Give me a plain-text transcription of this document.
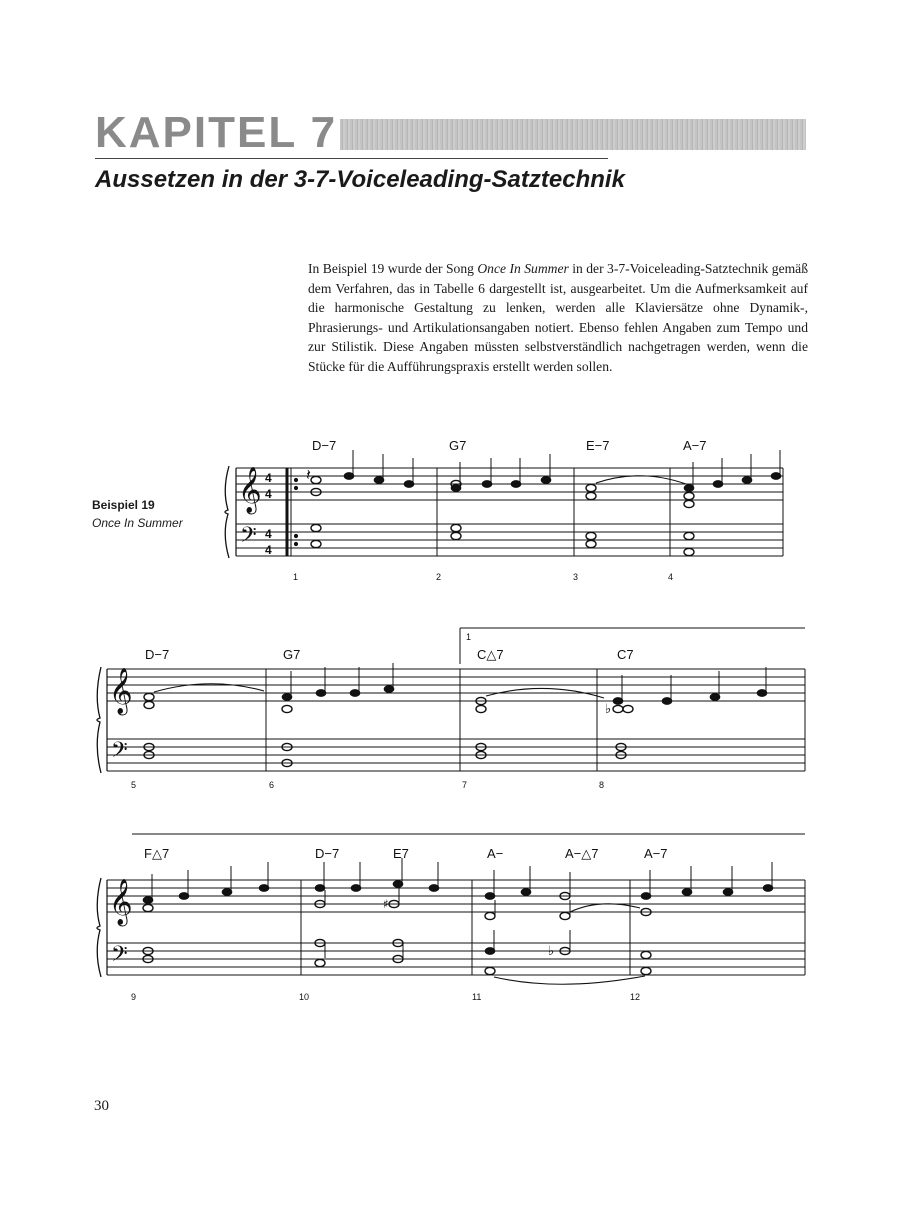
KAPITEL 7
Aussetzen in der 3-7-Voiceleading-Satztechnik

In Beispiel 19 wurde der Song Once In Summer in der 3-7-Voiceleading-Satztechnik gemäß dem Verfahren, das in Tabelle 6 dargestellt ist, ausgearbeitet. Um die Aufmerksamkeit auf die harmonische Gestaltung zu lenken, werden alle Klaviersätze ohne Dynamik-, Phrasierungs- und Artikulationsangaben notiert. Ebenso fehlen Angaben zum Tempo und zur Stilistik. Diese Angaben müssten selbstverständlich nachgetragen werden, wenn die Stücke für die Aufführungspraxis erstellt werden sollen.

Beispiel 19
Once In Summer
𝄞
𝄢
4
4
4
4
𝄽
D−7	G7	E−7	A−7
1	2	3	4
𝄞
𝄢
♭
1
D−7	G7	C△7	C7
5	6	7	8
𝄞
𝄢
♯
♭
F△7	D−7	E7	A−	A−△7	A−7
9	10	11	12
30
